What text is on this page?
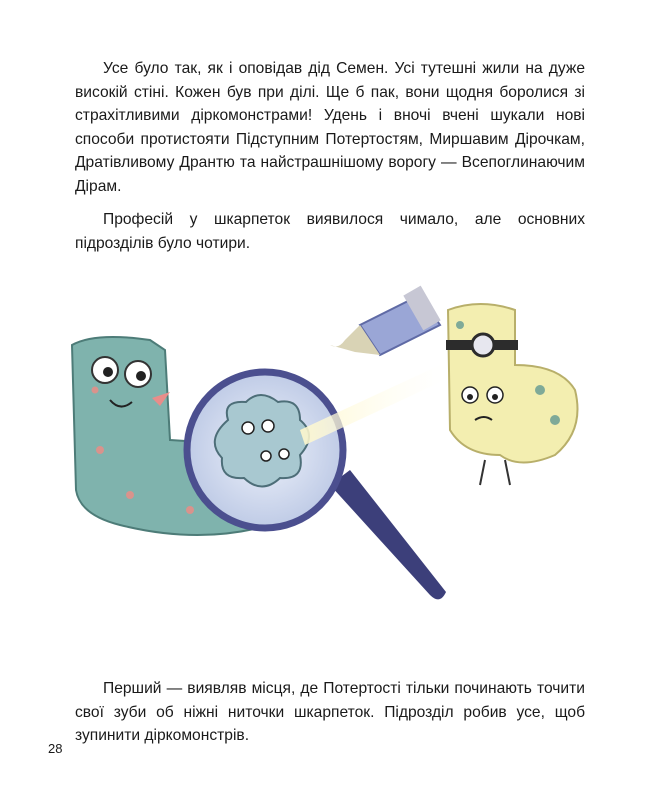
Усе було так, як і оповідав дід Семен. Усі тутешні жили на дуже високій стіні. Кожен був при ділі. Ще б пак, вони щодня боролися зі страхітливими діркомонстрами! Удень і вночі вчені шукали нові способи протистояти Підступним Потертостям, Миршавим Дірочкам, Дратівливому Дрантю та найстрашнішому ворогу — Всепоглинаючим Дірам.

Професій у шкарпеток виявилося чимало, але основних підрозділів було чотири.

Перший — виявляв місця, де Потертості тільки починають точити свої зуби об ніжні ниточки шкарпеток. Підрозділ робив усе, щоб зупинити діркомонстрів.

28
